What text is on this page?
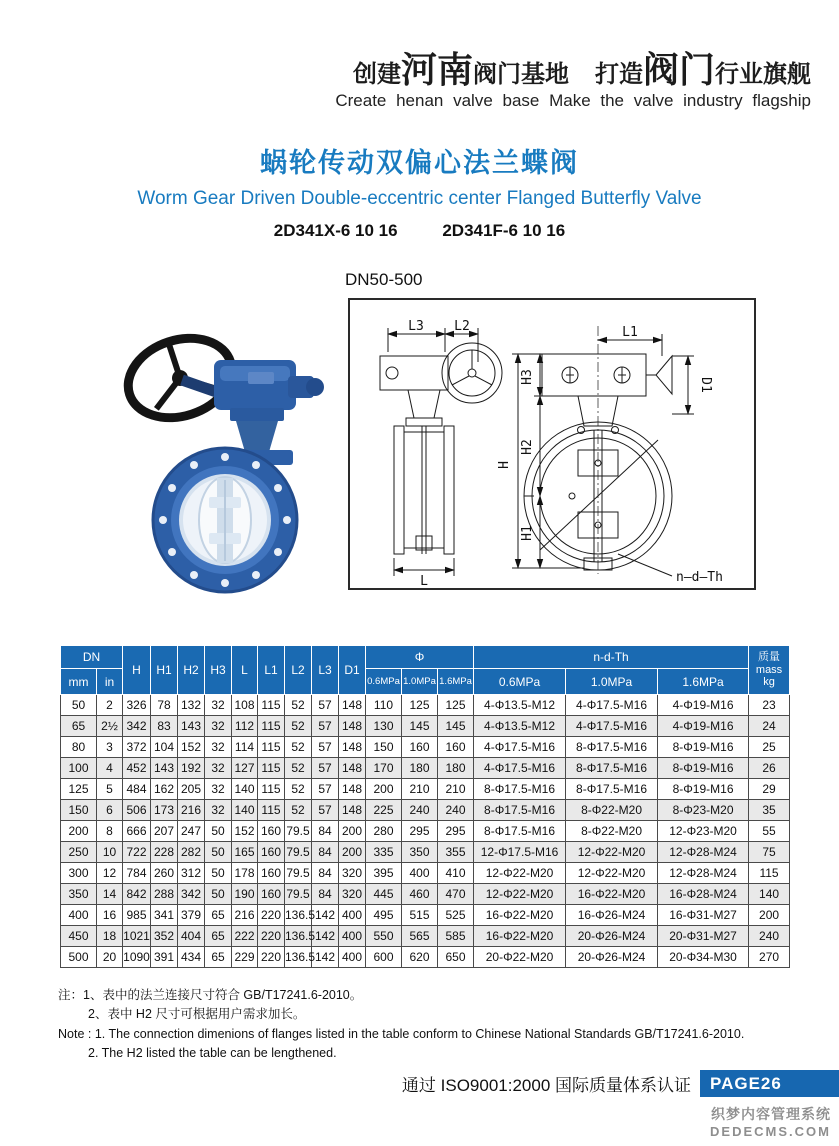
创建河南阀门基地 打造阀门行业旗舰
Create henan valve base Make the valve industry flagship
蜗轮传动双偏心法兰蝶阀
Worm Gear Driven Double-eccentric center Flanged Butterfly Valve
2D341X-6 10 16	2D341F-6 10 16
DN50-500
L3 L2
L
L1
D1
H
H3
H2
H1
n—d—Th
DN		H	H1	H2	H3	L	L1	L2	L3	D1	Φ			n-d-Th			质量
mass
kg

mm	in										0.6MPa	1.0MPa	1.6MPa	0.6MPa	1.0MPa	1.6MPa	
50	2	326	78	132	32	108	115	52	57	148	110	125	125	4-Φ13.5-M12	4-Φ17.5-M16	4-Φ19-M16	23
65	2½	342	83	143	32	112	115	52	57	148	130	145	145	4-Φ13.5-M12	4-Φ17.5-M16	4-Φ19-M16	24
80	3	372	104	152	32	114	115	52	57	148	150	160	160	4-Φ17.5-M16	8-Φ17.5-M16	8-Φ19-M16	25
100	4	452	143	192	32	127	115	52	57	148	170	180	180	4-Φ17.5-M16	8-Φ17.5-M16	8-Φ19-M16	26
125	5	484	162	205	32	140	115	52	57	148	200	210	210	8-Φ17.5-M16	8-Φ17.5-M16	8-Φ19-M16	29
150	6	506	173	216	32	140	115	52	57	148	225	240	240	8-Φ17.5-M16	8-Φ22-M20	8-Φ23-M20	35
200	8	666	207	247	50	152	160	79.5	84	200	280	295	295	8-Φ17.5-M16	8-Φ22-M20	12-Φ23-M20	55
250	10	722	228	282	50	165	160	79.5	84	200	335	350	355	12-Φ17.5-M16	12-Φ22-M20	12-Φ28-M24	75
300	12	784	260	312	50	178	160	79.5	84	320	395	400	410	12-Φ22-M20	12-Φ22-M20	12-Φ28-M24	115
350	14	842	288	342	50	190	160	79.5	84	320	445	460	470	12-Φ22-M20	16-Φ22-M20	16-Φ28-M24	140
400	16	985	341	379	65	216	220	136.5	142	400	495	515	525	16-Φ22-M20	16-Φ26-M24	16-Φ31-M27	200
450	18	1021	352	404	65	222	220	136.5	142	400	550	565	585	16-Φ22-M20	20-Φ26-M24	20-Φ31-M27	240
500	20	1090	391	434	65	229	220	136.5	142	400	600	620	650	20-Φ22-M20	20-Φ26-M24	20-Φ34-M30	270
注：1、表中的法兰连接尺寸符合 GB/T17241.6-2010。
2、表中 H2 尺寸可根据用户需求加长。
Note : 1. The connection dimenions of flanges listed in the table conform to Chinese National Standards GB/T17241.6-2010.
2. The H2 listed the table can be lengthened.
通过 ISO9001:2000 国际质量体系认证	PAGE26
织梦内容管理系统
DEDECMS.COM
